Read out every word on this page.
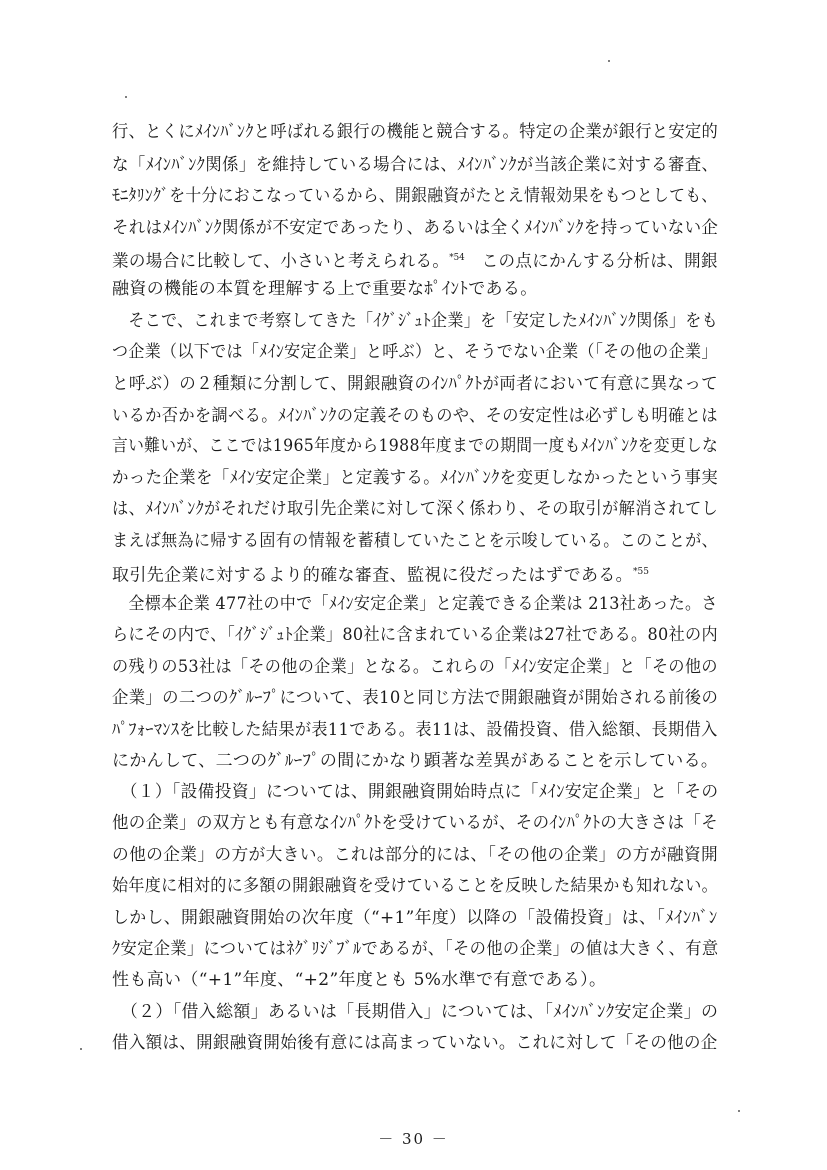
行、とくにﾒｲﾝﾊﾞﾝｸと呼ばれる銀行の機能と競合する。特定の企業が銀行と安定的
な「ﾒｲﾝﾊﾞﾝｸ関係」を維持している場合には、ﾒｲﾝﾊﾞﾝｸが当該企業に対する審査、
ﾓﾆﾀﾘﾝｸﾞを十分におこなっているから、開銀融資がたとえ情報効果をもつとしても、
それはﾒｲﾝﾊﾞﾝｸ関係が不安定であったり、あるいは全くﾒｲﾝﾊﾞﾝｸを持っていない企
業の場合に比較して、小さいと考えられる。$^{*54}$　この点にかんする分析は、開銀
融資の機能の本質を理解する上で重要なﾎﾟｲﾝﾄである。
　そこで、これまで考察してきた「ｲｸﾞｼﾞｭﾄ企業」を「安定したﾒｲﾝﾊﾞﾝｸ関係」をも
つ企業（以下では「ﾒｲﾝ安定企業」と呼ぶ）と、そうでない企業（「その他の企業」
と呼ぶ）の２種類に分割して、開銀融資のｲﾝﾊﾟｸﾄが両者において有意に異なって
いるか否かを調べる。ﾒｲﾝﾊﾞﾝｸの定義そのものや、その安定性は必ずしも明確とは
言い難いが、ここでは1965年度から1988年度までの期間一度もﾒｲﾝﾊﾞﾝｸを変更しな
かった企業を「ﾒｲﾝ安定企業」と定義する。ﾒｲﾝﾊﾞﾝｸを変更しなかったという事実
は、ﾒｲﾝﾊﾞﾝｸがそれだけ取引先企業に対して深く係わり、その取引が解消されてし
まえば無為に帰する固有の情報を蓄積していたことを示唆している。このことが、
取引先企業に対するより的確な審査、監視に役だったはずである。$^{*55}$
　全標本企業 477社の中で「ﾒｲﾝ安定企業」と定義できる企業は 213社あった。さ
らにその内で、「ｲｸﾞｼﾞｭﾄ企業」80社に含まれている企業は27社である。80社の内
の残りの53社は「その他の企業」となる。これらの「ﾒｲﾝ安定企業」と「その他の
企業」の二つのｸﾞﾙｰﾌﾟについて、表10と同じ方法で開銀融資が開始される前後の
ﾊﾟﾌｫｰﾏﾝｽを比較した結果が表11である。表11は、設備投資、借入総額、長期借入
にかんして、二つのｸﾞﾙｰﾌﾟの間にかなり顕著な差異があることを示している。
　（１）「設備投資」については、開銀融資開始時点に「ﾒｲﾝ安定企業」と「その
他の企業」の双方とも有意なｲﾝﾊﾟｸﾄを受けているが、そのｲﾝﾊﾟｸﾄの大きさは「そ
の他の企業」の方が大きい。これは部分的には、「その他の企業」の方が融資開
始年度に相対的に多額の開銀融資を受けていることを反映した結果かも知れない。
しかし、開銀融資開始の次年度（“+1”年度）以降の「設備投資」は、「ﾒｲﾝﾊﾞﾝ
ｸ安定企業」についてはﾈｸﾞﾘｼﾞﾌﾞﾙであるが、「その他の企業」の値は大きく、有意
性も高い（“+1”年度、“+2”年度とも 5%水準で有意である）。
　（２）「借入総額」あるいは「長期借入」については、「ﾒｲﾝﾊﾞﾝｸ安定企業」の
借入額は、開銀融資開始後有意には高まっていない。これに対して「その他の企
－ 30 －
